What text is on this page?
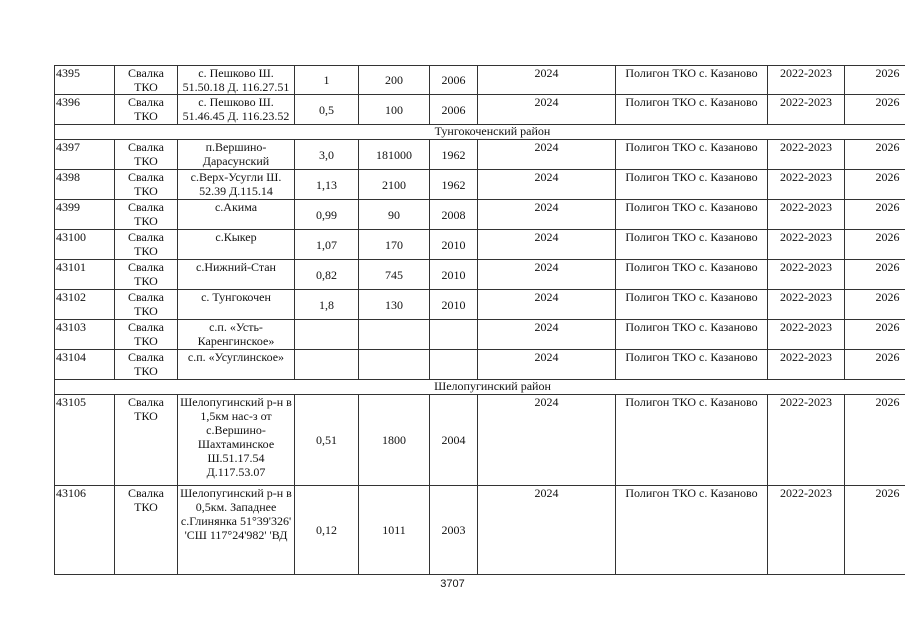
4395	Свалка ТКО	с. Пешково Ш. 51.50.18 Д. 116.27.51	1	200	2006	2024	Полигон ТКО с. Казаново	2022-2023	2026
4396	Свалка ТКО	с. Пешково Ш. 51.46.45 Д. 116.23.52	0,5	100	2006	2024	Полигон ТКО с. Казаново	2022-2023	2026
Тунгокоченский район									
4397	Свалка ТКО	п.Вершино-Дарасунский	3,0	181000	1962	2024	Полигон ТКО с. Казаново	2022-2023	2026
4398	Свалка ТКО	с.Верх-Усугли Ш. 52.39 Д.115.14	1,13	2100	1962	2024	Полигон ТКО с. Казаново	2022-2023	2026
4399	Свалка ТКО	с.Акима	0,99	90	2008	2024	Полигон ТКО с. Казаново	2022-2023	2026
43100	Свалка ТКО	с.Кыкер	1,07	170	2010	2024	Полигон ТКО с. Казаново	2022-2023	2026
43101	Свалка ТКО	с.Нижний-Стан	0,82	745	2010	2024	Полигон ТКО с. Казаново	2022-2023	2026
43102	Свалка ТКО	с. Тунгокочен	1,8	130	2010	2024	Полигон ТКО с. Казаново	2022-2023	2026
43103	Свалка ТКО	с.п. «Усть-Каренгинское»				2024	Полигон ТКО с. Казаново	2022-2023	2026
43104	Свалка ТКО	с.п. «Усуглинское»				2024	Полигон ТКО с. Казаново	2022-2023	2026
Шелопугинский район									
43105	Свалка ТКО	Шелопугинский р-н в 1,5км нас-з от с.Вершино-Шахтаминское Ш.51.17.54 Д.117.53.07	0,51	1800	2004	2024	Полигон ТКО с. Казаново	2022-2023	2026
43106	Свалка ТКО	Шелопугинский р-н в 0,5км. Западнее с.Глинянка 51°39'326' 'СШ 117°24'982' 'ВД	0,12	1011	2003	2024	Полигон ТКО с. Казаново	2022-2023	2026
3707
